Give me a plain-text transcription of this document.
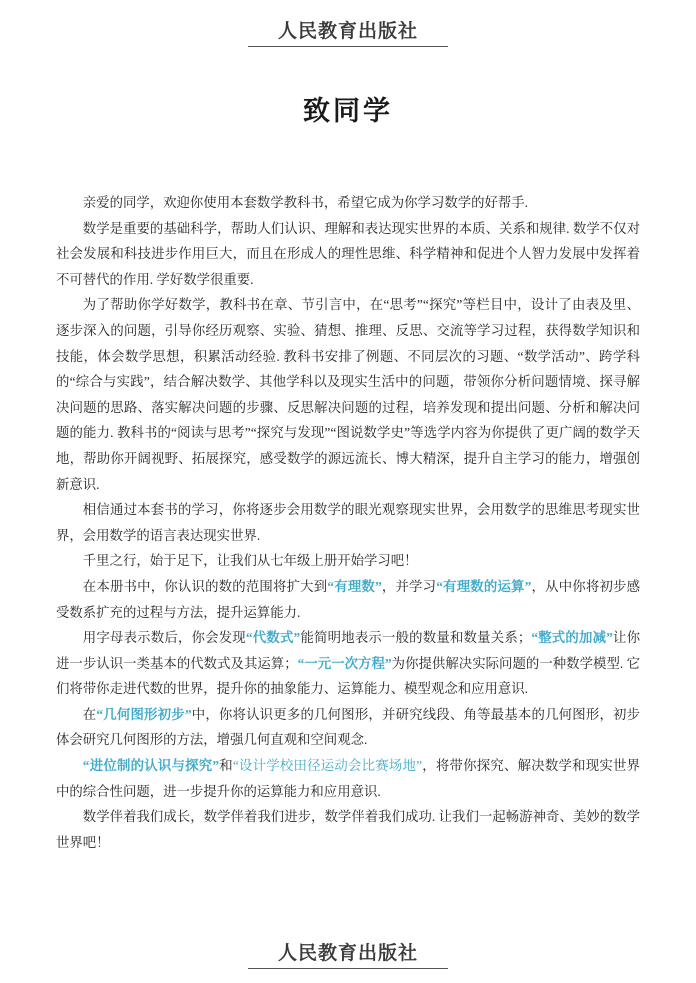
人民教育出版社
致同学

亲爱的同学，欢迎你使用本套数学教科书，希望它成为你学习数学的好帮手.

数学是重要的基础科学，帮助人们认识、理解和表达现实世界的本质、关系和规律. 数学不仅对社会发展和科技进步作用巨大，而且在形成人的理性思维、科学精神和促进个人智力发展中发挥着不可替代的作用. 学好数学很重要.

为了帮助你学好数学，教科书在章、节引言中，在“思考”“探究”等栏目中，设计了由表及里、逐步深入的问题，引导你经历观察、实验、猜想、推理、反思、交流等学习过程，获得数学知识和技能，体会数学思想，积累活动经验. 教科书安排了例题、不同层次的习题、“数学活动”、跨学科的“综合与实践”，结合解决数学、其他学科以及现实生活中的问题，带领你分析问题情境、探寻解决问题的思路、落实解决问题的步骤、反思解决问题的过程，培养发现和提出问题、分析和解决问题的能力. 教科书的“阅读与思考”“探究与发现”“图说数学史”等选学内容为你提供了更广阔的数学天地，帮助你开阔视野、拓展探究，感受数学的源远流长、博大精深，提升自主学习的能力，增强创新意识.

相信通过本套书的学习，你将逐步会用数学的眼光观察现实世界，会用数学的思维思考现实世界，会用数学的语言表达现实世界.

千里之行，始于足下，让我们从七年级上册开始学习吧！

在本册书中，你认识的数的范围将扩大到“有理数”，并学习“有理数的运算”，从中你将初步感受数系扩充的过程与方法，提升运算能力.

用字母表示数后，你会发现“代数式”能简明地表示一般的数量和数量关系；“整式的加减”让你进一步认识一类基本的代数式及其运算；“一元一次方程”为你提供解决实际问题的一种数学模型. 它们将带你走进代数的世界，提升你的抽象能力、运算能力、模型观念和应用意识.

在“几何图形初步”中，你将认识更多的几何图形，并研究线段、角等最基本的几何图形，初步体会研究几何图形的方法，增强几何直观和空间观念.

“进位制的认识与探究”和“设计学校田径运动会比赛场地”，将带你探究、解决数学和现实世界中的综合性问题，进一步提升你的运算能力和应用意识.

数学伴着我们成长，数学伴着我们进步，数学伴着我们成功. 让我们一起畅游神奇、美妙的数学世界吧！

人民教育出版社
